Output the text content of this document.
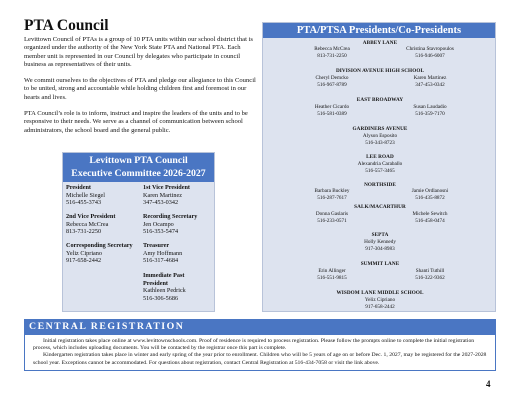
PTA Council

Levittown Council of PTAs is a group of 10 PTA units within our school district that is organized under the authority of the New York State PTA and National PTA. Each member unit is represented in our Council by delegates who participate in council business as representatives of their units.

We commit ourselves to the objectives of PTA and pledge our allegiance to this Council to be united, strong and accountable while holding children first and foremost in our hearts and lives.

PTA Council’s role is to inform, instruct and inspire the leaders of the units and to be responsive to their needs. We serve as a channel of communication between school administrators, the school board and the general public.

Levittown PTA Council
Executive Committee 2026-2027
President
Michelle Siegel
516-455-3743
1st Vice President
Karen Martinez
347-453-0342
2nd Vice President
Rebecca McCrea
813-731-2250
Recording Secretary
Jen Ocampo
516-353-5474
Corresponding Secretary
Yeliz Cipriano
917-658-2442
Treasurer
Amy Hoffmann
516-317-4684
Immediate Past President
Kathleen Pedrick
516-306-5686
PTA/PTSA Presidents/Co-Presidents
ABBEY LANE
Rebecca McCrea
813-731-2250
Christina Stavropoulos
516-946-6007
DIVISION AVENUE HIGH SCHOOL
Cheryl Demcko
516-967-8789
Karen Martinez
347-453-0342
EAST BROADWAY
Heather Cicardo
516-581-0389
Susan Laudadio
516-359-7170
GARDINERS AVENUE
Alyson Esposito
516-343-8723
LEE ROAD
Alexandria Caraballo
516-557-3465
NORTHSIDE
Barbara Buckley
516-287-7617
Jamie Ordlanosni
516-435-8872
SALK/MACARTHUR
Donna Gaslaris
516-233-0571
Michele Sewitch
516-458-0474
SEPTA
Holly Kennedy
917-304-8983
SUMMIT LANE
Erin Allinger
516-551-9815
Shanti Tuthill
516-322-9362
WISDOM LANE MIDDLE SCHOOL
Yeliz Cipriano
917-658-2442
CENTRAL REGISTRATION

Initial registration takes place online at www.levittownschools.com. Proof of residence is required to process registration. Please follow the prompts online to complete the initial registration process, which includes uploading documents. You will be contacted by the registrar once this part is complete.

Kindergarten registration takes place in winter and early spring of the year prior to enrollment. Children who will be 5 years of age on or before Dec. 1, 2027, may be registered for the 2027-2028 school year. Exceptions cannot be accommodated. For questions about registration, contact Central Registration at 516-434-7058 or visit the link above.

4
